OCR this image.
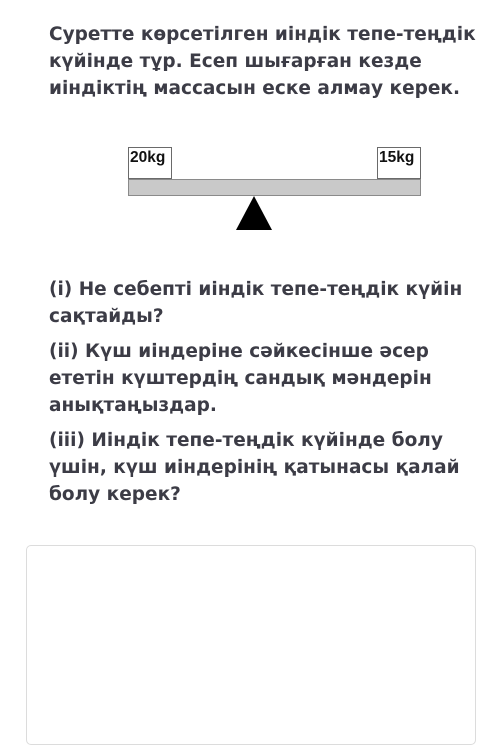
Суретте көрсетілген иіндік тепе-теңдік күйінде тұр. Есеп шығарған кезде иіндіктің массасын еске алмау керек.

20kg	15kg

(i) Не себепті иіндік тепе-теңдік күйін сақтайды?

(ii) Күш иіндеріне сәйкесінше әсер ететін күштердің сандық мәндерін анықтаңыздар.

(iii) Иіндік тепе-теңдік күйінде болу үшін, күш иіндерінің қатынасы қалай болу керек?
